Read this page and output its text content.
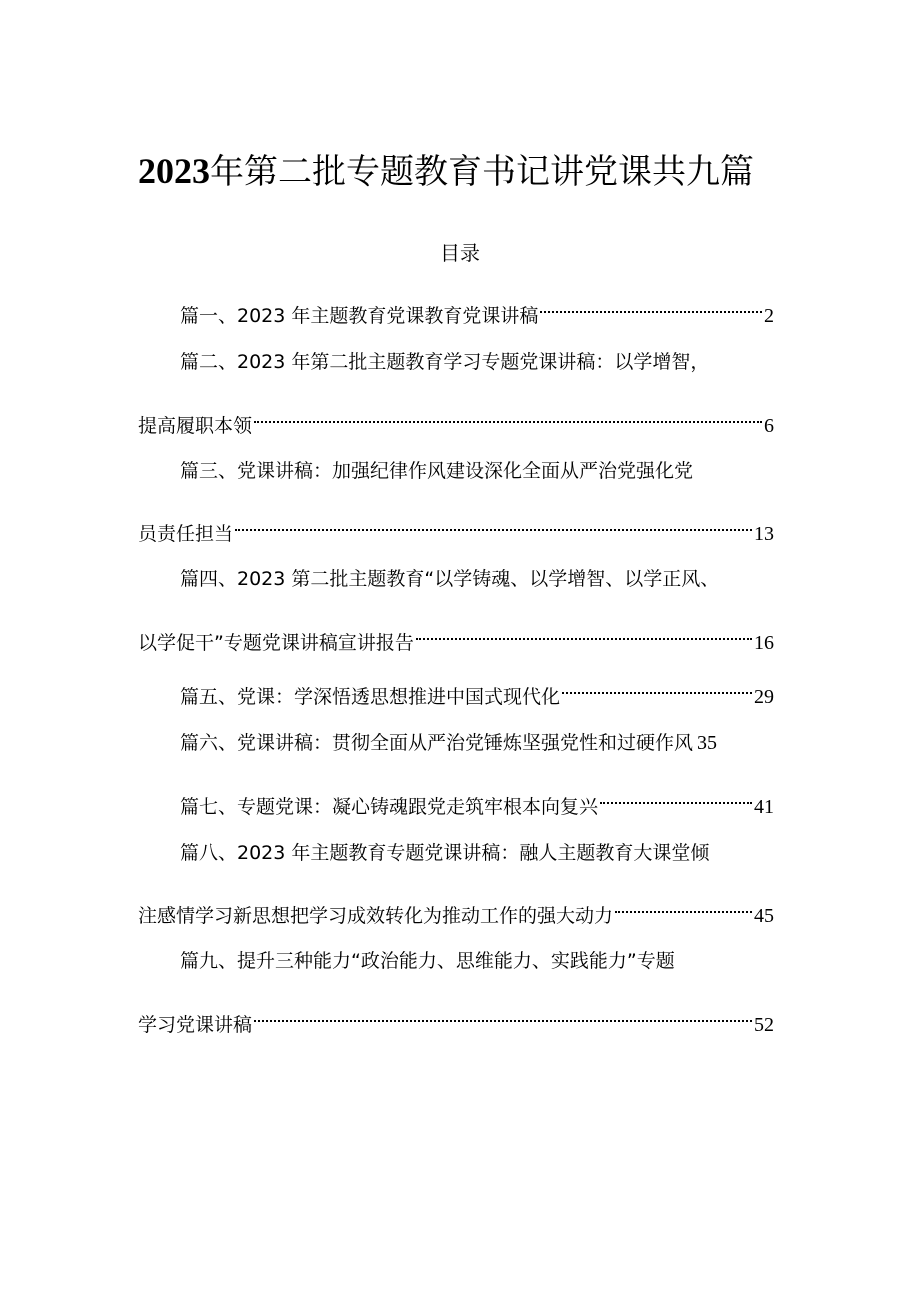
2023年第二批专题教育书记讲党课共九篇
目录
篇一、2023 年主题教育党课教育党课讲稿	2
篇二、2023 年第二批主题教育学习专题党课讲稿：以学增智，
提高履职本领	6
篇三、党课讲稿：加强纪律作风建设深化全面从严治党强化党
员责任担当	13
篇四、2023 第二批主题教育“以学铸魂、以学增智、以学正风、
以学促干”专题党课讲稿宣讲报告	16
篇五、党课：学深悟透思想推进中国式现代化	29
篇六、党课讲稿：贯彻全面从严治党锤炼坚强党性和过硬作风 35
篇七、专题党课：凝心铸魂跟党走筑牢根本向复兴	41
篇八、2023 年主题教育专题党课讲稿：融人主题教育大课堂倾
注感情学习新思想把学习成效转化为推动工作的强大动力	45
篇九、提升三种能力“政治能力、思维能力、实践能力”专题
学习党课讲稿	52
